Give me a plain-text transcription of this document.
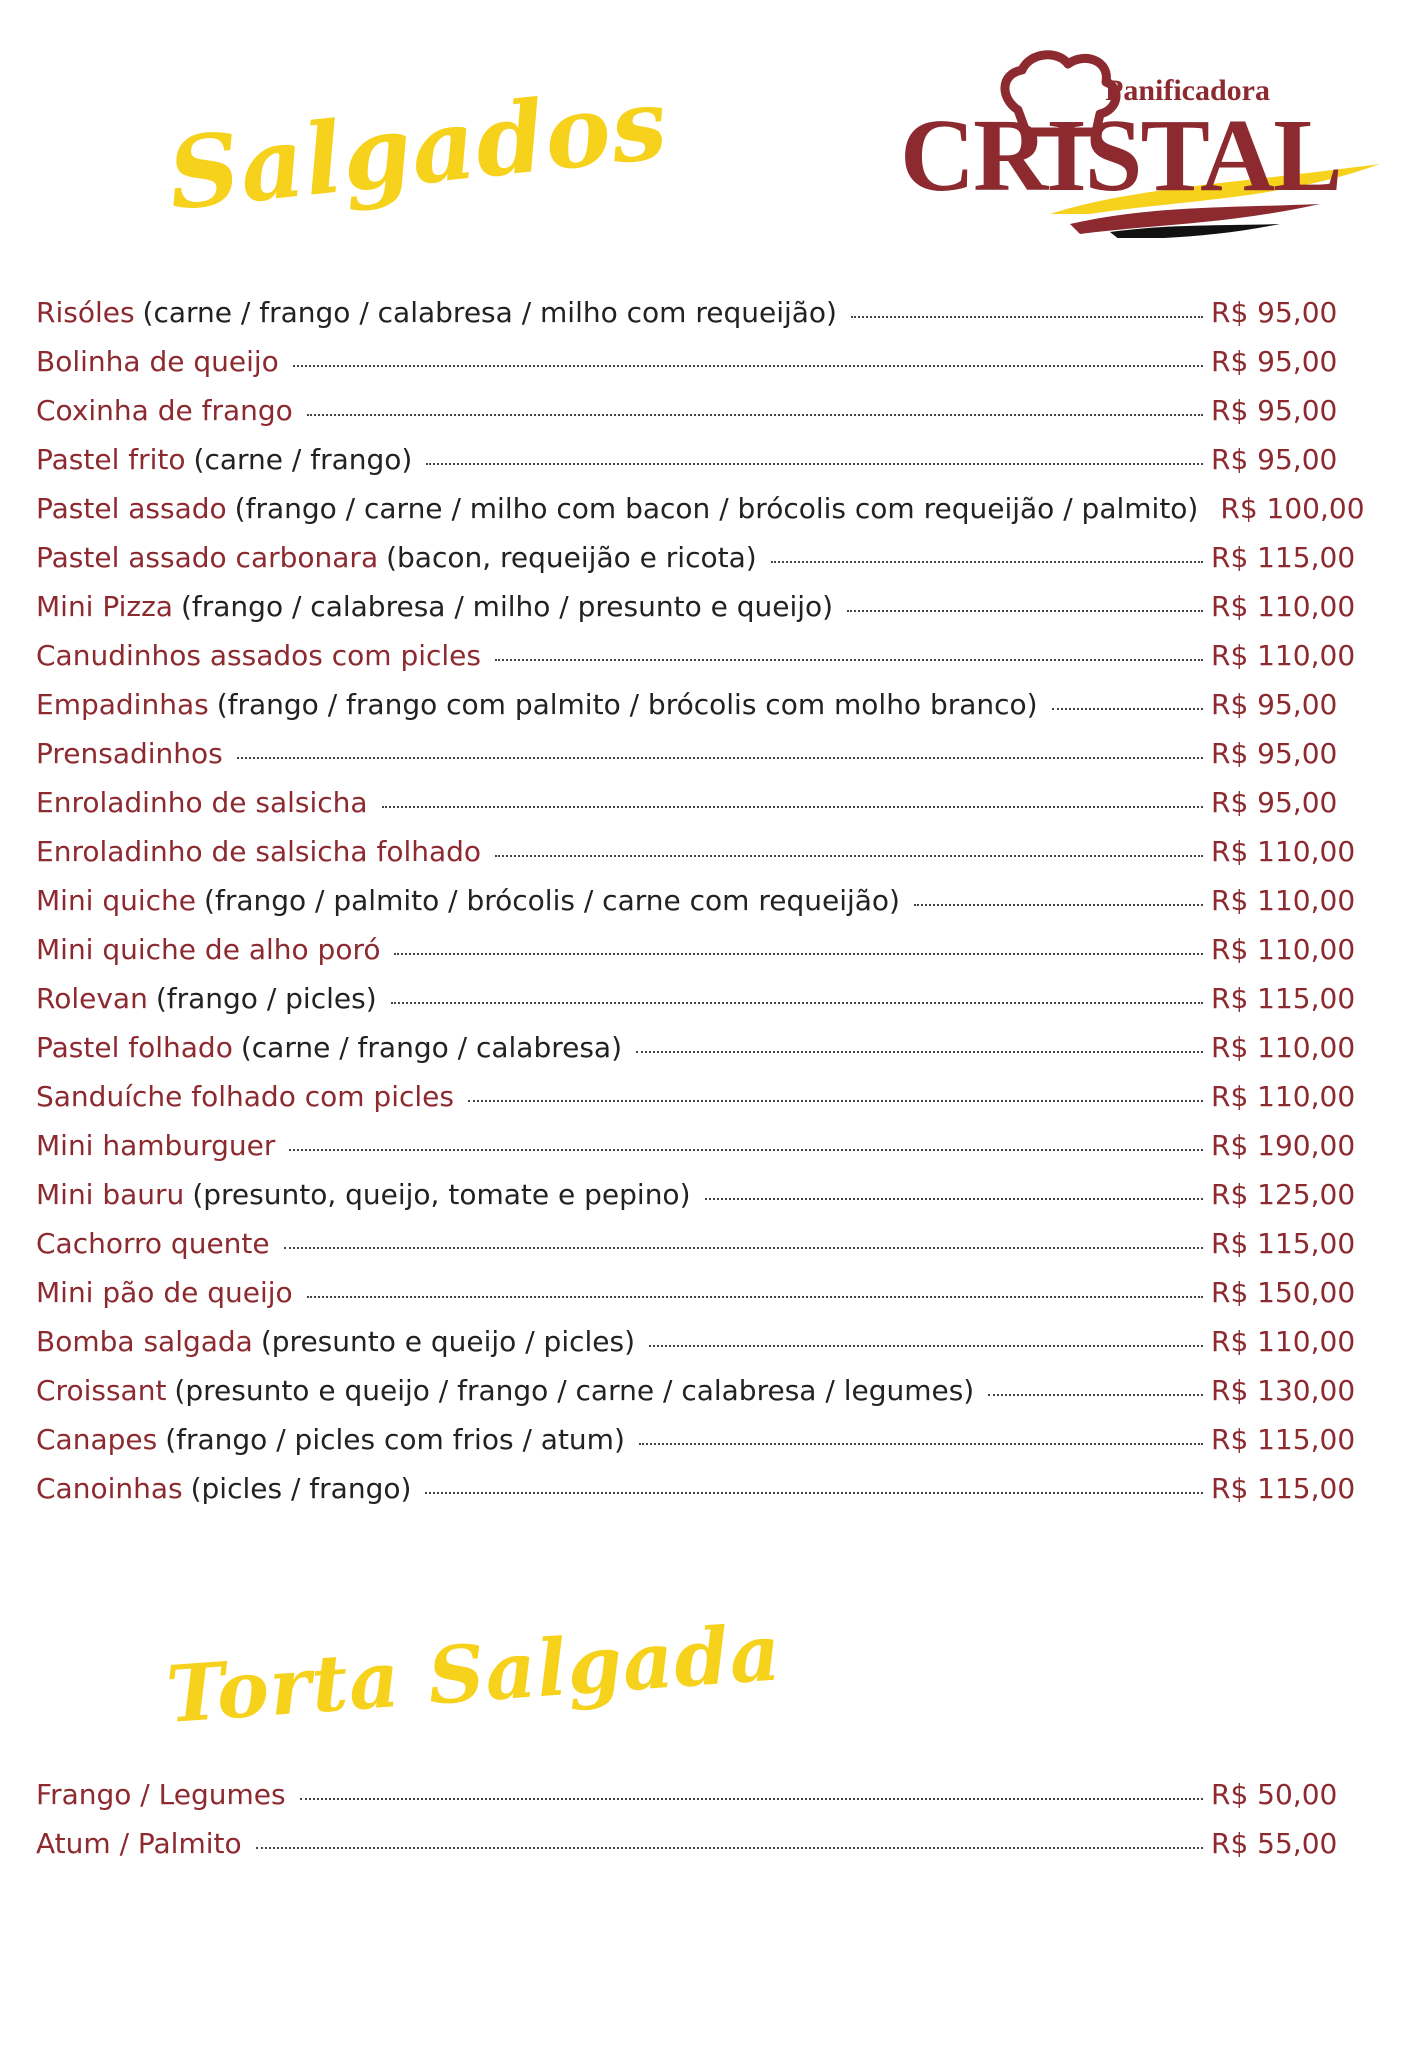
Salgados	Panificadora
CRISTAL
Risóles (carne / frango / calabresa / milho com requeijão)	R$ 95,00
Bolinha de queijo	R$ 95,00
Coxinha de frango	R$ 95,00
Pastel frito (carne / frango)	R$ 95,00
Pastel assado (frango / carne / milho com bacon / brócolis com requeijão / palmito) R$ 100,00
Pastel assado carbonara (bacon, requeijão e ricota)	R$ 115,00
Mini Pizza (frango / calabresa / milho / presunto e queijo)	R$ 110,00
Canudinhos assados com picles	R$ 110,00
Empadinhas (frango / frango com palmito / brócolis com molho branco)	R$ 95,00
Prensadinhos	R$ 95,00
Enroladinho de salsicha	R$ 95,00
Enroladinho de salsicha folhado	R$ 110,00
Mini quiche (frango / palmito / brócolis / carne com requeijão)	R$ 110,00
Mini quiche de alho poró	R$ 110,00
Rolevan (frango / picles)	R$ 115,00
Pastel folhado (carne / frango / calabresa)	R$ 110,00
Sanduíche folhado com picles	R$ 110,00
Mini hamburguer	R$ 190,00
Mini bauru (presunto, queijo, tomate e pepino)	R$ 125,00
Cachorro quente	R$ 115,00
Mini pão de queijo	R$ 150,00
Bomba salgada (presunto e queijo / picles)	R$ 110,00
Croissant (presunto e queijo / frango / carne / calabresa / legumes)	R$ 130,00
Canapes (frango / picles com frios / atum)	R$ 115,00
Canoinhas (picles / frango)	R$ 115,00
Torta Salgada
Frango / Legumes	R$ 50,00
Atum / Palmito	R$ 55,00
